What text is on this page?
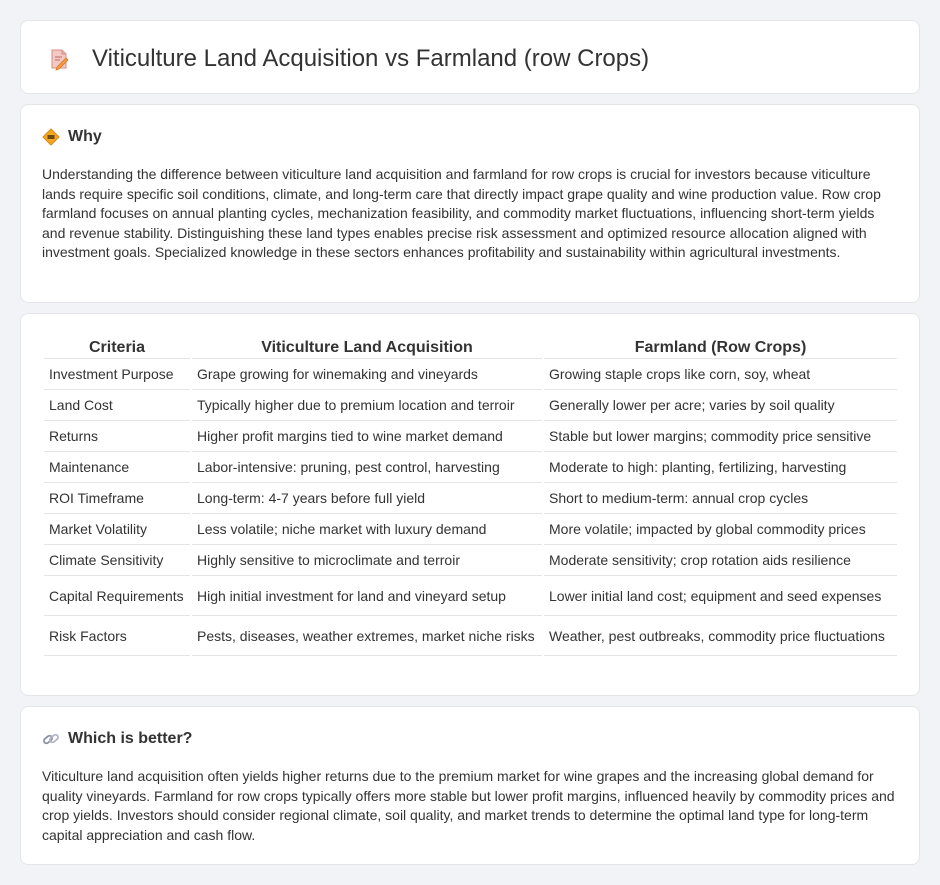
Viticulture Land Acquisition vs Farmland (row Crops)
Why

Understanding the difference between viticulture land acquisition and farmland for row crops is crucial for investors because viticulture lands require specific soil conditions, climate, and long-term care that directly impact grape quality and wine production value. Row crop farmland focuses on annual planting cycles, mechanization feasibility, and commodity market fluctuations, influencing short-term yields and revenue stability. Distinguishing these land types enables precise risk assessment and optimized resource allocation aligned with investment goals. Specialized knowledge in these sectors enhances profitability and sustainability within agricultural investments.

Criteria	Viticulture Land Acquisition	Farmland (Row Crops)
Investment Purpose	Grape growing for winemaking and vineyards	Growing staple crops like corn, soy, wheat
Land Cost	Typically higher due to premium location and terroir	Generally lower per acre; varies by soil quality
Returns	Higher profit margins tied to wine market demand	Stable but lower margins; commodity price sensitive
Maintenance	Labor-intensive: pruning, pest control, harvesting	Moderate to high: planting, fertilizing, harvesting
ROI Timeframe	Long-term: 4-7 years before full yield	Short to medium-term: annual crop cycles
Market Volatility	Less volatile; niche market with luxury demand	More volatile; impacted by global commodity prices
Climate Sensitivity	Highly sensitive to microclimate and terroir	Moderate sensitivity; crop rotation aids resilience
Capital Requirements	High initial investment for land and vineyard setup	Lower initial land cost; equipment and seed expenses
Risk Factors	Pests, diseases, weather extremes, market niche risks	Weather, pest outbreaks, commodity price fluctuations
Which is better?

Viticulture land acquisition often yields higher returns due to the premium market for wine grapes and the increasing global demand for quality vineyards. Farmland for row crops typically offers more stable but lower profit margins, influenced heavily by commodity prices and crop yields. Investors should consider regional climate, soil quality, and market trends to determine the optimal land type for long-term capital appreciation and cash flow.
